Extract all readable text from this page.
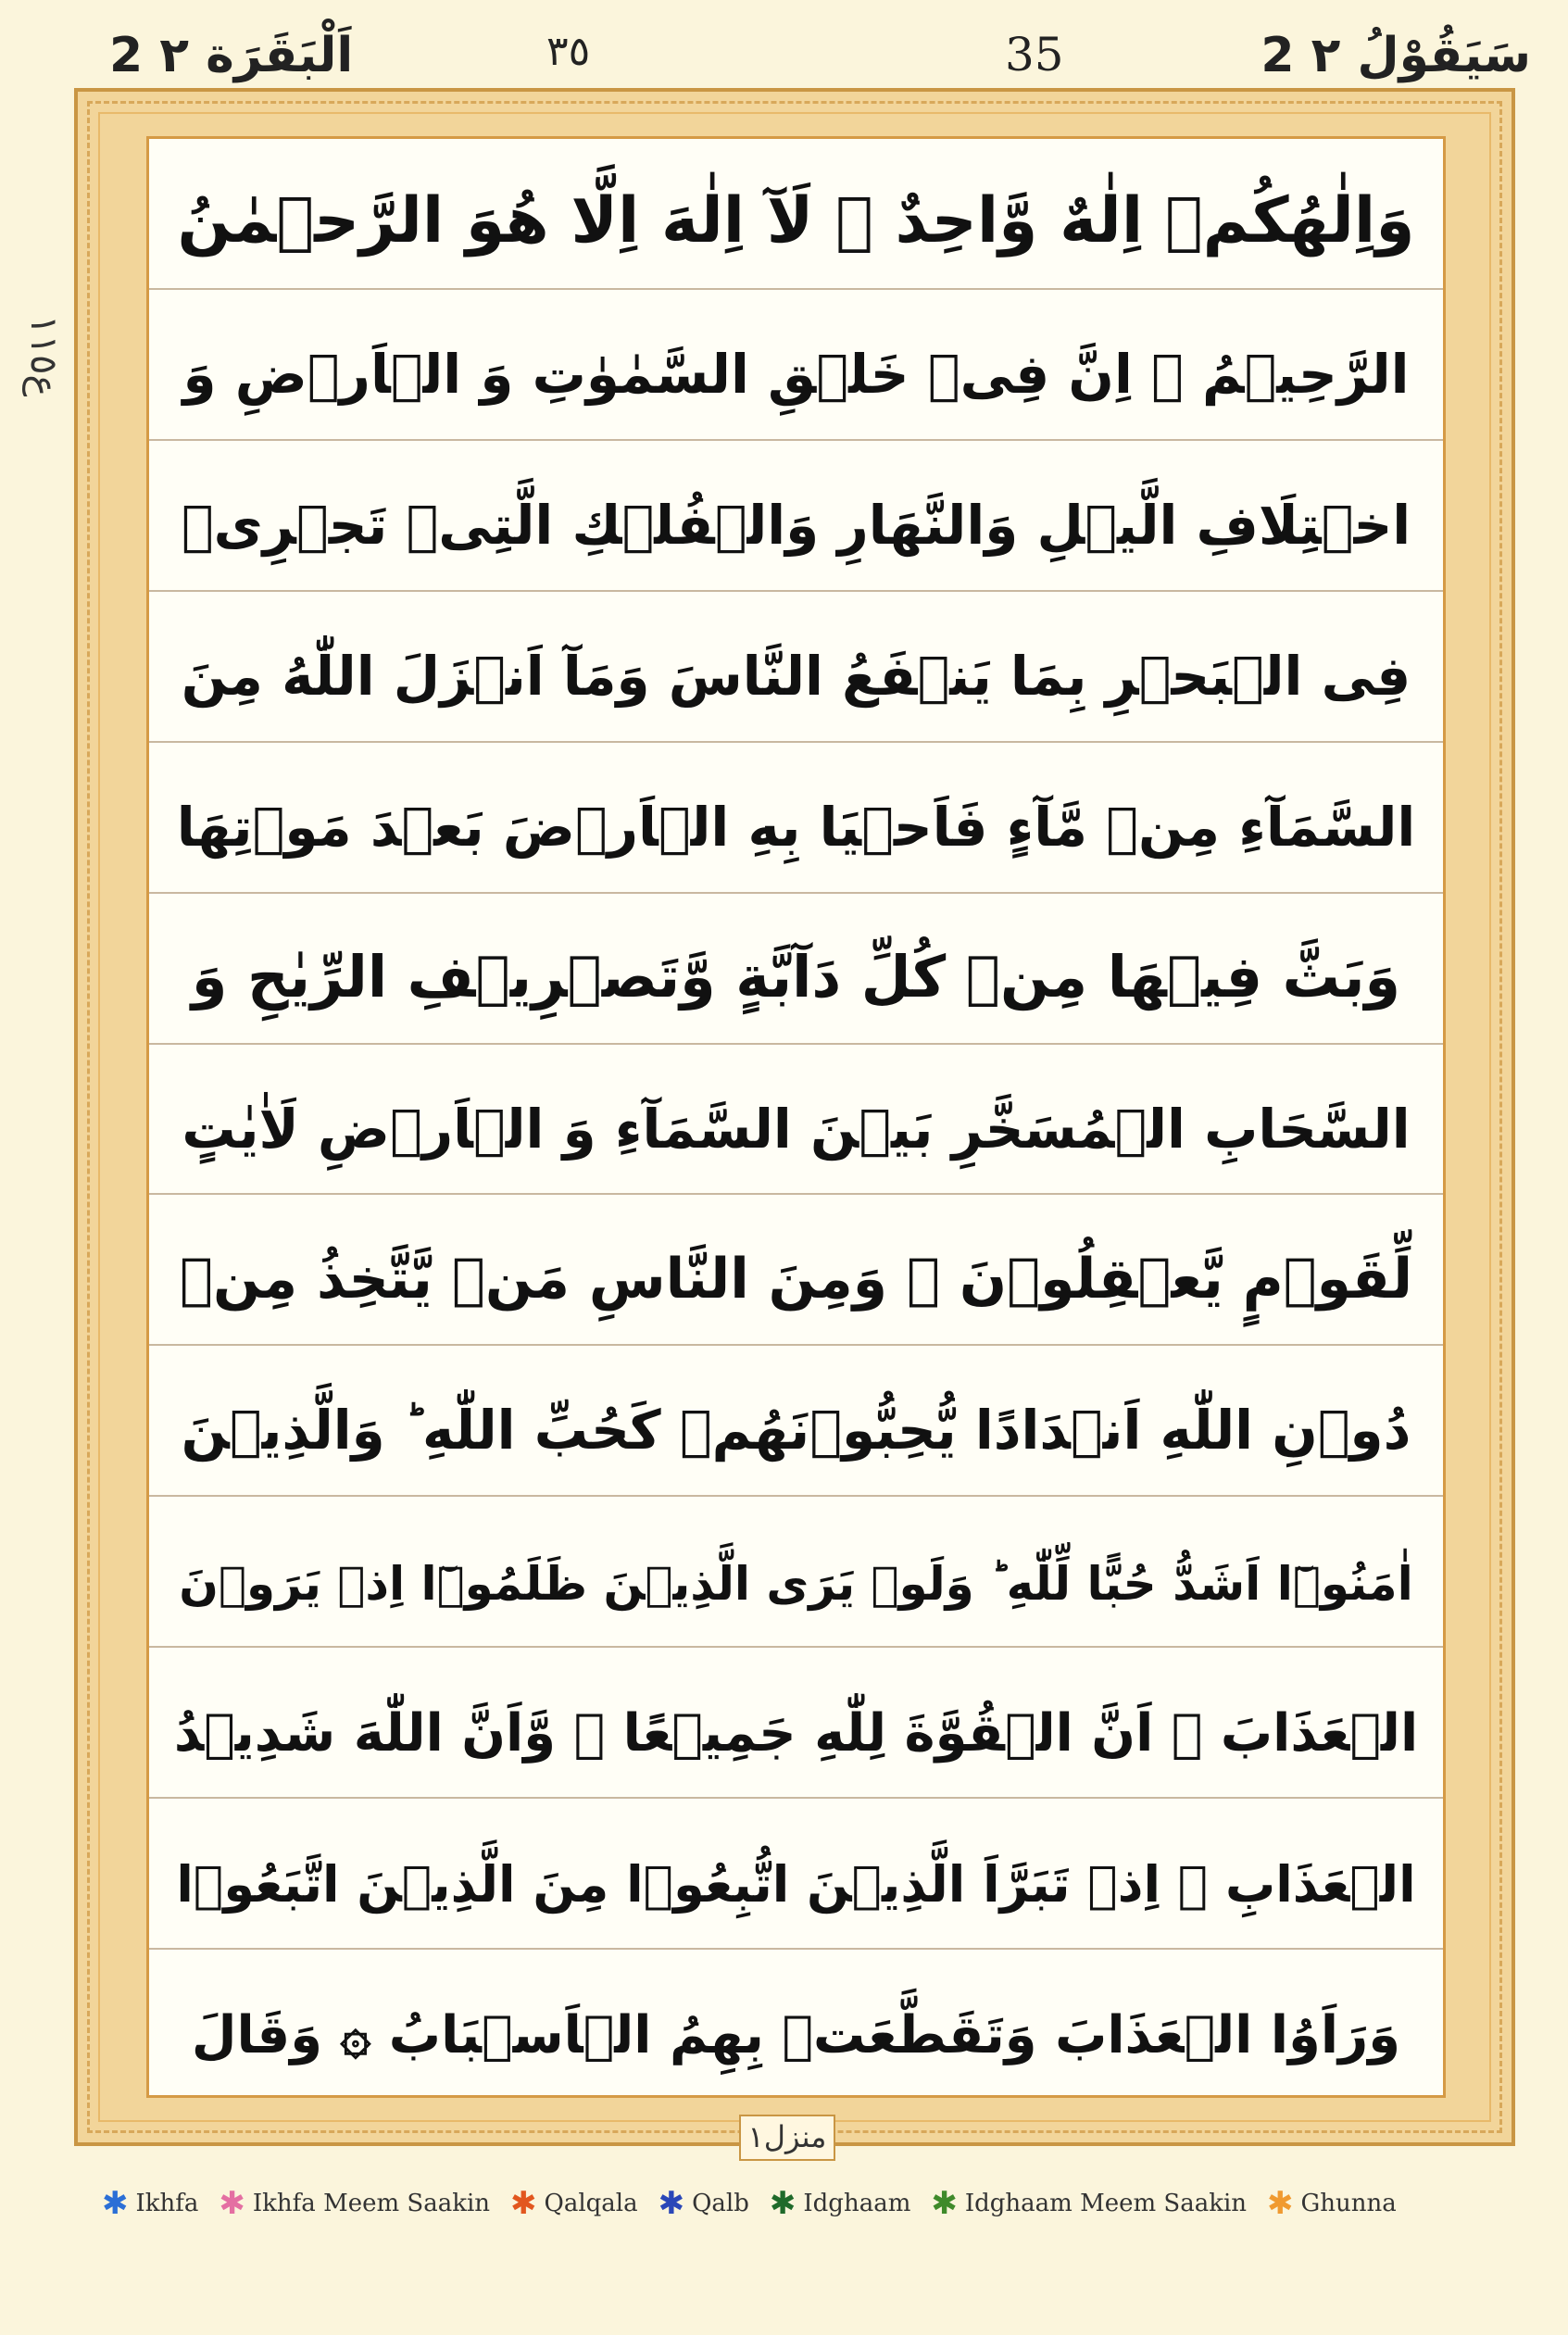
2 سَيَقُوْلُ ٢
2 اَلْبَقَرَة ٢	٣٥	35
ع١١٥
وَاِلٰهُكُمۡ اِلٰهٌ وَّاحِدٌ ۚ لَآ اِلٰهَ اِلَّا هُوَ الرَّحۡمٰنُ
الرَّحِيۡمُ ۞ اِنَّ فِىۡ خَلۡقِ السَّمٰوٰتِ وَ الۡاَرۡضِ وَ
اخۡتِلَافِ الَّيۡلِ وَالنَّهَارِ وَالۡفُلۡكِ الَّتِىۡ تَجۡرِىۡ
فِى الۡبَحۡرِ بِمَا يَنۡفَعُ النَّاسَ وَمَآ اَنۡزَلَ اللّٰهُ مِنَ
السَّمَآءِ مِنۡ مَّآءٍ فَاَحۡيَا بِهِ الۡاَرۡضَ بَعۡدَ مَوۡتِهَا
وَبَثَّ فِيۡهَا مِنۡ كُلِّ دَآبَّةٍ وَّتَصۡرِيۡفِ الرِّيٰحِ وَ
السَّحَابِ الۡمُسَخَّرِ بَيۡنَ السَّمَآءِ وَ الۡاَرۡضِ لَاٰيٰتٍ
لِّقَوۡمٍ يَّعۡقِلُوۡنَ ۞ وَمِنَ النَّاسِ مَنۡ يَّتَّخِذُ مِنۡ
دُوۡنِ اللّٰهِ اَنۡدَادًا يُّحِبُّوۡنَهُمۡ كَحُبِّ اللّٰهِ ؕ وَالَّذِيۡنَ
اٰمَنُوۡٓا اَشَدُّ حُبًّا لِّلّٰهِ ؕ وَلَوۡ يَرَى الَّذِيۡنَ ظَلَمُوۡٓا اِذۡ يَرَوۡنَ
الۡعَذَابَ ۙ اَنَّ الۡقُوَّةَ لِلّٰهِ جَمِيۡعًا ۙ وَّاَنَّ اللّٰهَ شَدِيۡدُ
الۡعَذَابِ ۞ اِذۡ تَبَرَّاَ الَّذِيۡنَ اتُّبِعُوۡا مِنَ الَّذِيۡنَ اتَّبَعُوۡا
وَرَاَوُا الۡعَذَابَ وَتَقَطَّعَتۡ بِهِمُ الۡاَسۡبَابُ ۞ وَقَالَ
منزل١
✱ Ikhfa ✱ Ikhfa Meem Saakin ✱ Qalqala ✱ Qalb ✱ Idghaam ✱ Idghaam Meem Saakin ✱ Ghunna
